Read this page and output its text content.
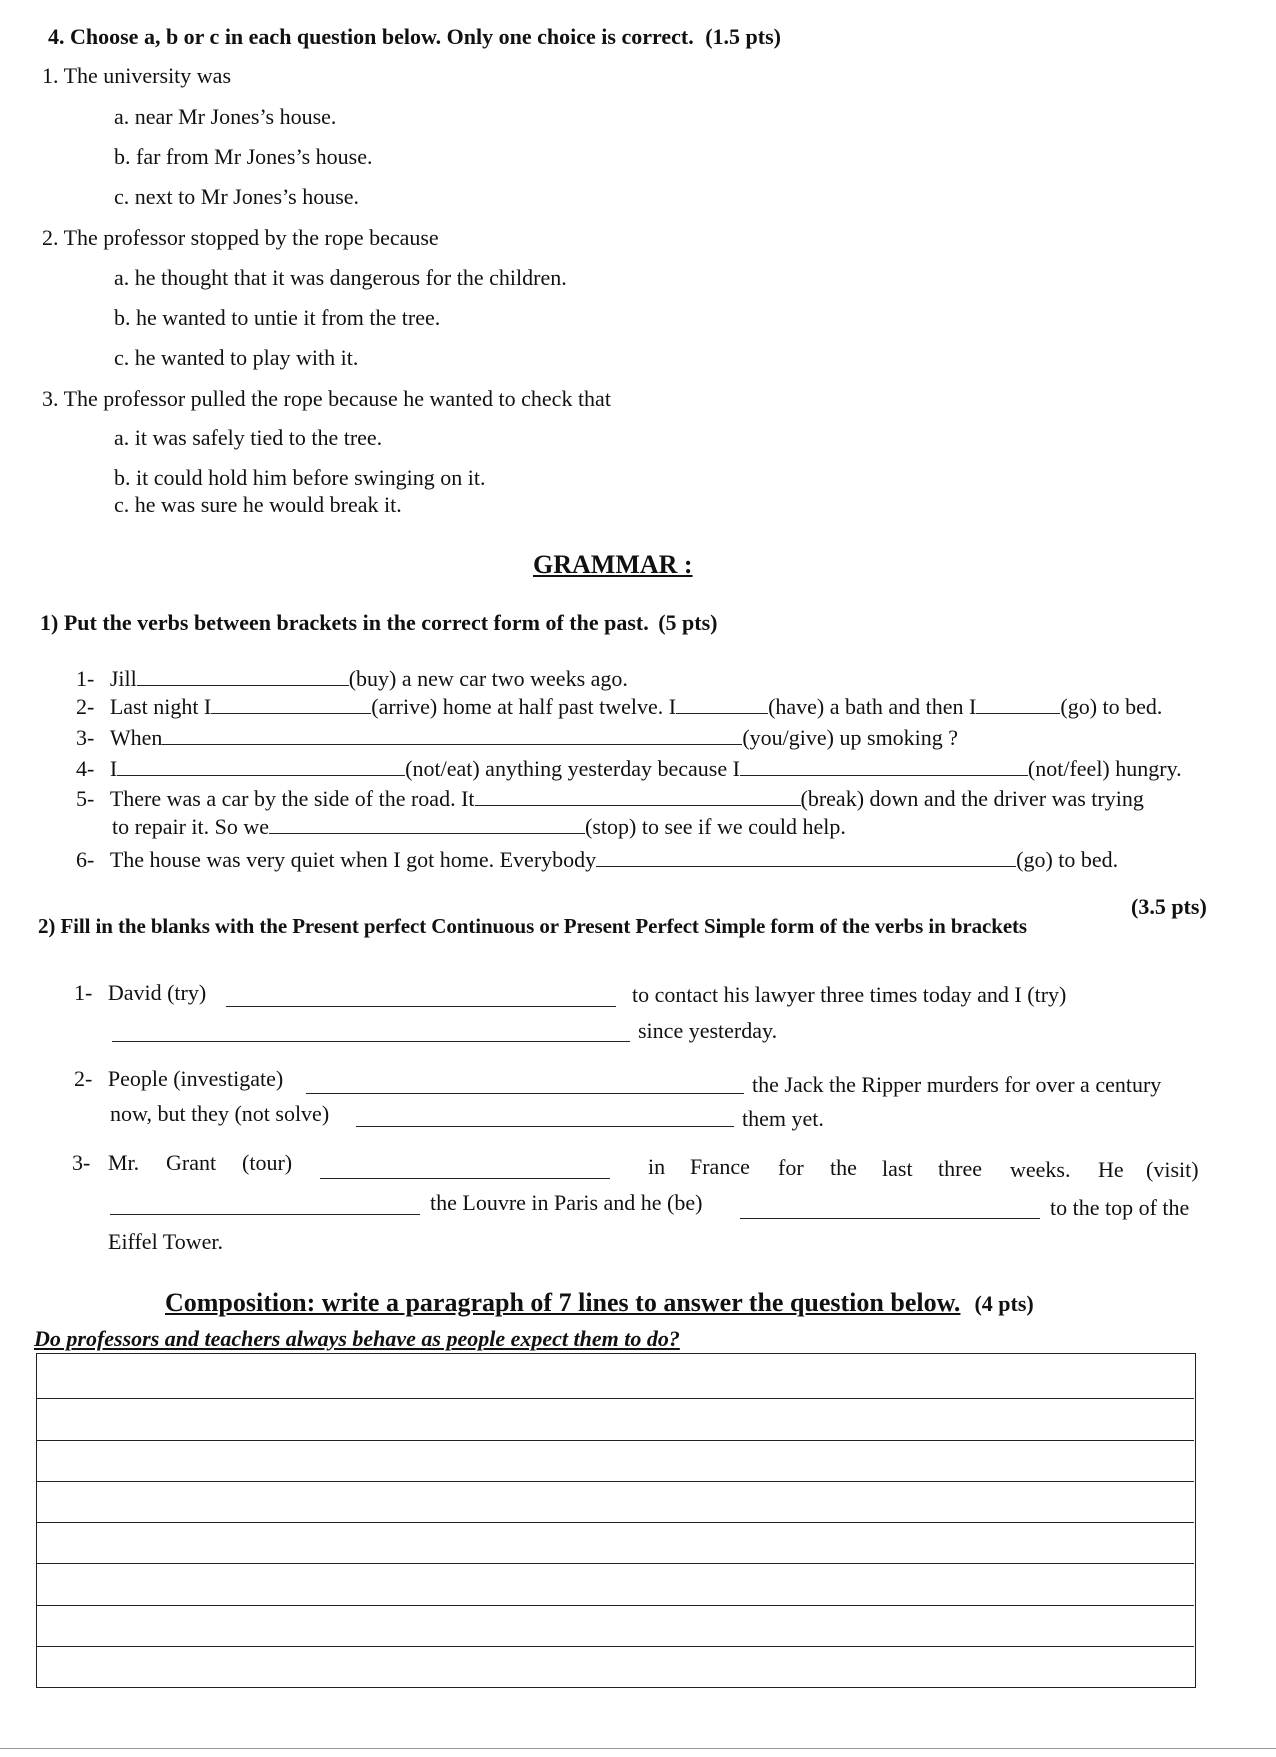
4. Choose a, b or c in each question below. Only one choice is correct. (1.5 pts)
1. The university was
a. near Mr Jones’s house.
b. far from Mr Jones’s house.
c. next to Mr Jones’s house.
2. The professor stopped by the rope because
a. he thought that it was dangerous for the children.
b. he wanted to untie it from the tree.
c. he wanted to play with it.
3. The professor pulled the rope because he wanted to check that
a. it was safely tied to the tree.
b. it could hold him before swinging on it.
c. he was sure he would break it.
GRAMMAR :
1) Put the verbs between brackets in the correct form of the past. (5 pts)
1- Jill	(buy) a new car two weeks ago.
2- Last night I	(arrive) home at half past twelve. I	(have) a bath and then I	(go) to bed.
3- When	(you/give) up smoking ?
4- I	(not/eat) anything yesterday because I	(not/feel) hungry.
5- There was a car by the side of the road. It	(break) down and the driver was trying
to repair it. So we	(stop) to see if we could help.
6- The house was very quiet when I got home. Everybody	(go) to bed.
(3.5 pts)
2) Fill in the blanks with the Present perfect Continuous or Present Perfect Simple form of the verbs in brackets
1- David (try)	to contact his lawyer three times today and I (try)
since yesterday.
2- People (investigate)	the Jack the Ripper murders for over a century
now, but they (not solve)	them yet.
3- Mr. Grant (tour)	in France for the last three weeks. He (visit)
the Louvre in Paris and he (be)	to the top of the
Eiffel Tower.
Composition: write a paragraph of 7 lines to answer the question below. (4 pts)
Do professors and teachers always behave as people expect them to do?
